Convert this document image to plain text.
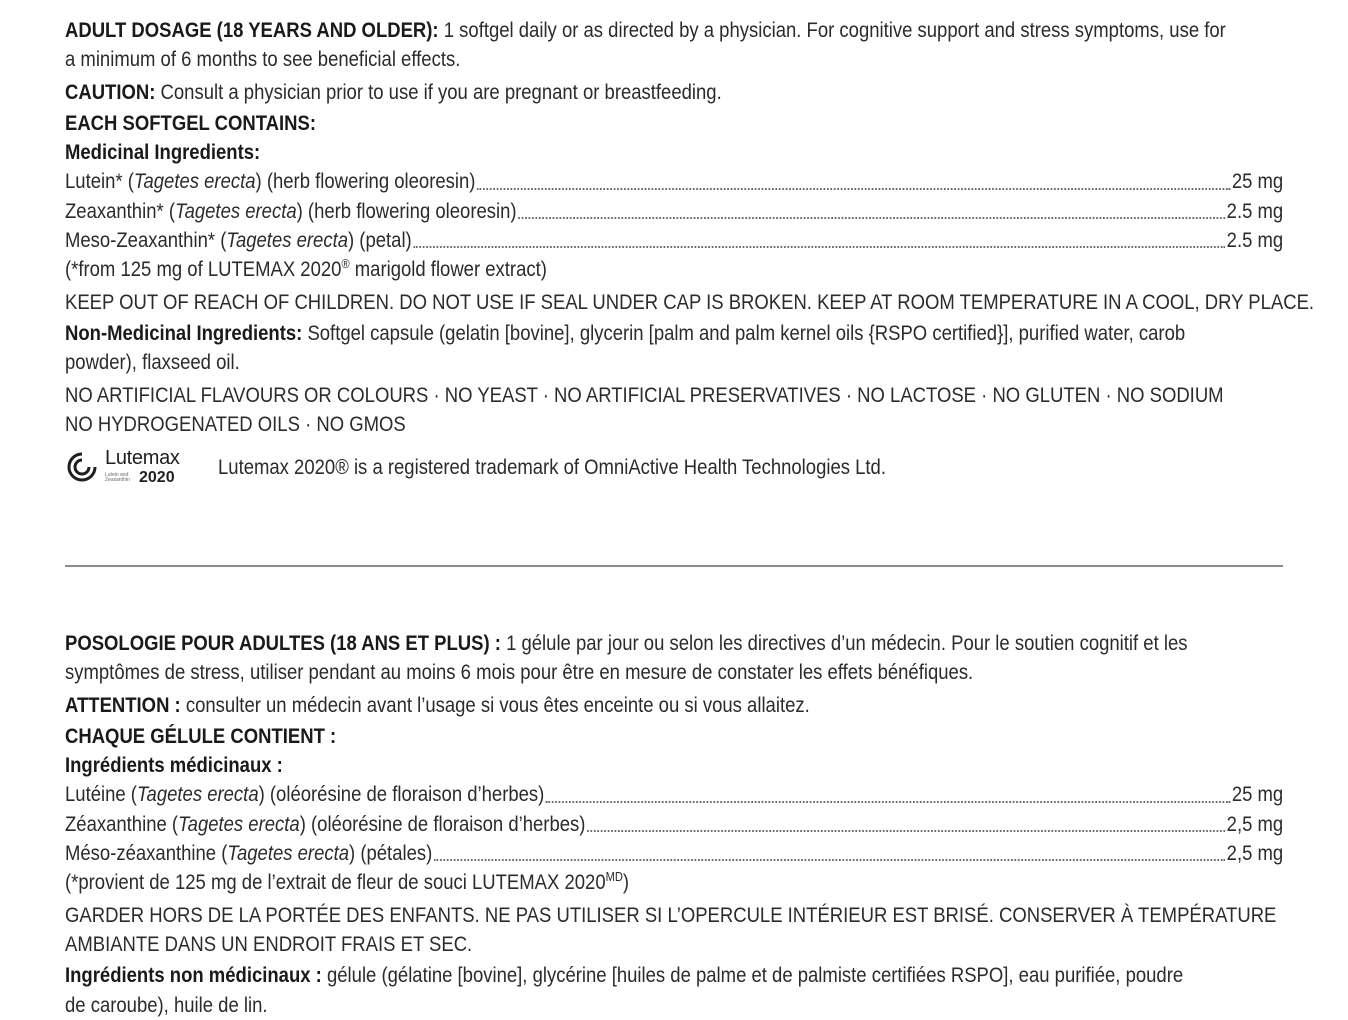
ADULT DOSAGE (18 YEARS AND OLDER): 1 softgel daily or as directed by a physician. For cognitive support and stress symptoms, use for
a minimum of 6 months to see beneficial effects.
CAUTION: Consult a physician prior to use if you are pregnant or breastfeeding.
EACH SOFTGEL CONTAINS:
Medicinal Ingredients:
Lutein* (Tagetes erecta) (herb flowering oleoresin)	25 mg
Zeaxanthin* (Tagetes erecta) (herb flowering oleoresin)	2.5 mg
Meso-Zeaxanthin* (Tagetes erecta) (petal)	2.5 mg
(*from 125 mg of LUTEMAX 2020® marigold flower extract)
KEEP OUT OF REACH OF CHILDREN. DO NOT USE IF SEAL UNDER CAP IS BROKEN. KEEP AT ROOM TEMPERATURE IN A COOL, DRY PLACE.
Non-Medicinal Ingredients: Softgel capsule (gelatin [bovine], glycerin [palm and palm kernel oils {RSPO certified}], purified water, carob
powder), flaxseed oil.
NO ARTIFICIAL FLAVOURS OR COLOURS · NO YEAST · NO ARTIFICIAL PRESERVATIVES · NO LACTOSE · NO GLUTEN · NO SODIUM
NO HYDROGENATED OILS · NO GMOS
Lutemax
Lutein and Zeaxanthin 2020 Lutemax 2020® is a registered trademark of OmniActive Health Technologies Ltd.
POSOLOGIE POUR ADULTES (18 ANS ET PLUS) : 1 gélule par jour ou selon les directives d’un médecin. Pour le soutien cognitif et les
symptômes de stress, utiliser pendant au moins 6 mois pour être en mesure de constater les effets bénéfiques.
ATTENTION : consulter un médecin avant l’usage si vous êtes enceinte ou si vous allaitez.
CHAQUE GÉLULE CONTIENT :
Ingrédients médicinaux :
Lutéine (Tagetes erecta) (oléorésine de floraison d’herbes)	25 mg
Zéaxanthine (Tagetes erecta) (oléorésine de floraison d’herbes)	2,5 mg
Méso-zéaxanthine (Tagetes erecta) (pétales)	2,5 mg
(*provient de 125 mg de l’extrait de fleur de souci LUTEMAX $2020^{MD}$)
GARDER HORS DE LA PORTÉE DES ENFANTS. NE PAS UTILISER SI L’OPERCULE INTÉRIEUR EST BRISÉ. CONSERVER À TEMPÉRATURE
AMBIANTE DANS UN ENDROIT FRAIS ET SEC.
Ingrédients non médicinaux : gélule (gélatine [bovine], glycérine [huiles de palme et de palmiste certifiées RSPO], eau purifiée, poudre
de caroube), huile de lin.
